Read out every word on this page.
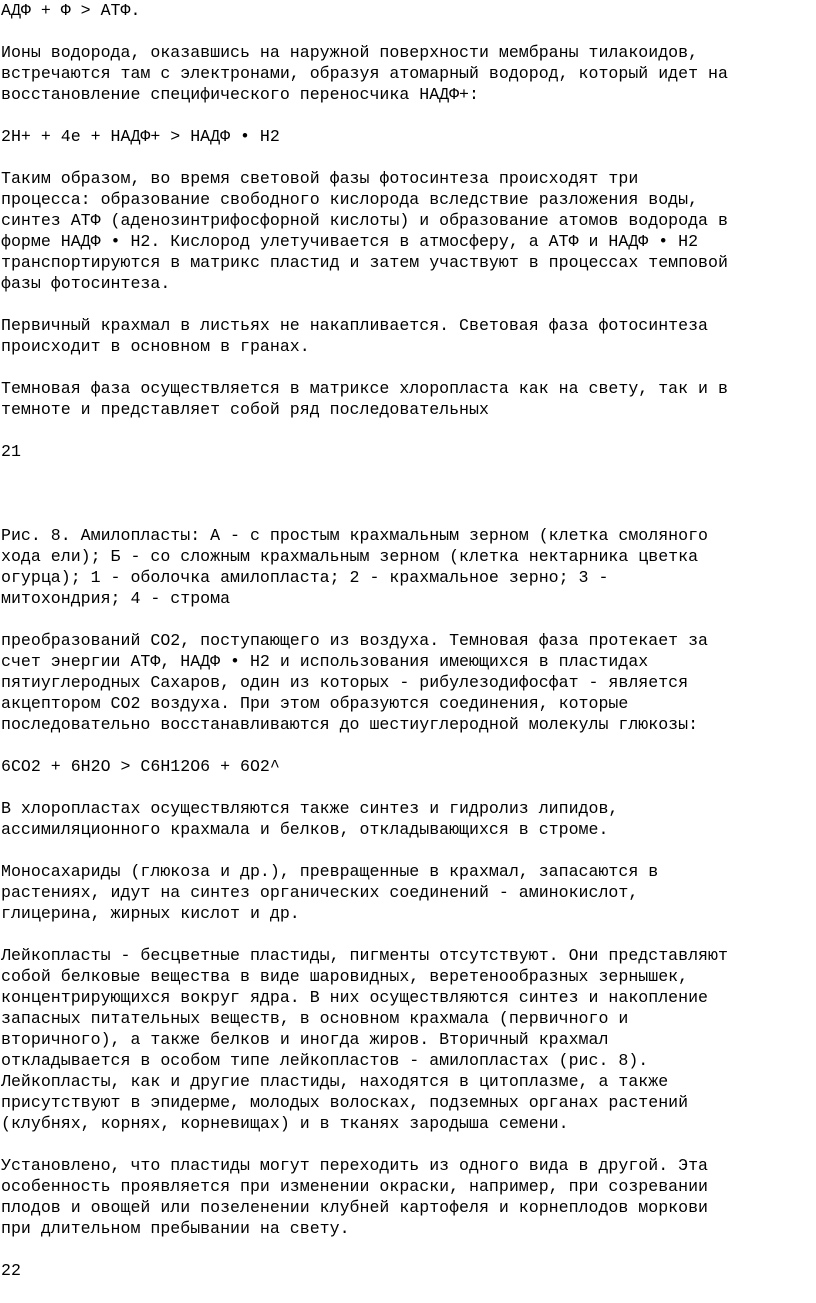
АДФ + Ф > АТФ.
Ионы водорода, оказавшись на наружной поверхности мембраны тилакоидов,
встречаются там с электронами, образуя атомарный водород, который идет на
восстановление специфического переносчика НАДФ+:
2Н+ + 4е + НАДФ+ > НАДФ • Н2
Таким образом, во время световой фазы фотосинтеза происходят три
процесса: образование свободного кислорода вследствие разложения воды,
синтез АТФ (аденозинтрифосфорной кислоты) и образование атомов водорода в
форме НАДФ • Н2. Кислород улетучивается в атмосферу, а АТФ и НАДФ • Н2
транспортируются в матрикс пластид и затем участвуют в процессах темповой
фазы фотосинтеза.
Первичный крахмал в листьях не накапливается. Световая фаза фотосинтеза
происходит в основном в гранах.
Темновая фаза осуществляется в матриксе хлоропласта как на свету, так и в
темноте и представляет собой ряд последовательных
21
Рис. 8. Амилопласты: А - с простым крахмальным зерном (клетка смоляного
хода ели); Б - со сложным крахмальным зерном (клетка нектарника цветка
огурца); 1 - оболочка амилопласта; 2 - крахмальное зерно; 3 -
митохондрия; 4 - строма
преобразований СО2, поступающего из воздуха. Темновая фаза протекает за
счет энергии АТФ, НАДФ • Н2 и использования имеющихся в пластидах
пятиуглеродных Сахаров, один из которых - рибулезодифосфат - является
акцептором СО2 воздуха. При этом образуются соединения, которые
последовательно восстанавливаются до шестиуглеродной молекулы глюкозы:
6СО2 + 6Н2О > С6Н12О6 + 6О2^
В хлоропластах осуществляются также синтез и гидролиз липидов,
ассимиляционного крахмала и белков, откладывающихся в строме.
Моносахариды (глюкоза и др.), превращенные в крахмал, запасаются в
растениях, идут на синтез органических соединений - аминокислот,
глицерина, жирных кислот и др.
Лейкопласты - бесцветные пластиды, пигменты отсутствуют. Они представляют
собой белковые вещества в виде шаровидных, веретенообразных зернышек,
концентрирующихся вокруг ядра. В них осуществляются синтез и накопление
запасных питательных веществ, в основном крахмала (первичного и
вторичного), а также белков и иногда жиров. Вторичный крахмал
откладывается в особом типе лейкопластов - амилопластах (рис. 8).
Лейкопласты, как и другие пластиды, находятся в цитоплазме, а также
присутствуют в эпидерме, молодых волосках, подземных органах растений
(клубнях, корнях, корневищах) и в тканях зародыша семени.
Установлено, что пластиды могут переходить из одного вида в другой. Эта
особенность проявляется при изменении окраски, например, при созревании
плодов и овощей или позеленении клубней картофеля и корнеплодов моркови
при длительном пребывании на свету.
22
